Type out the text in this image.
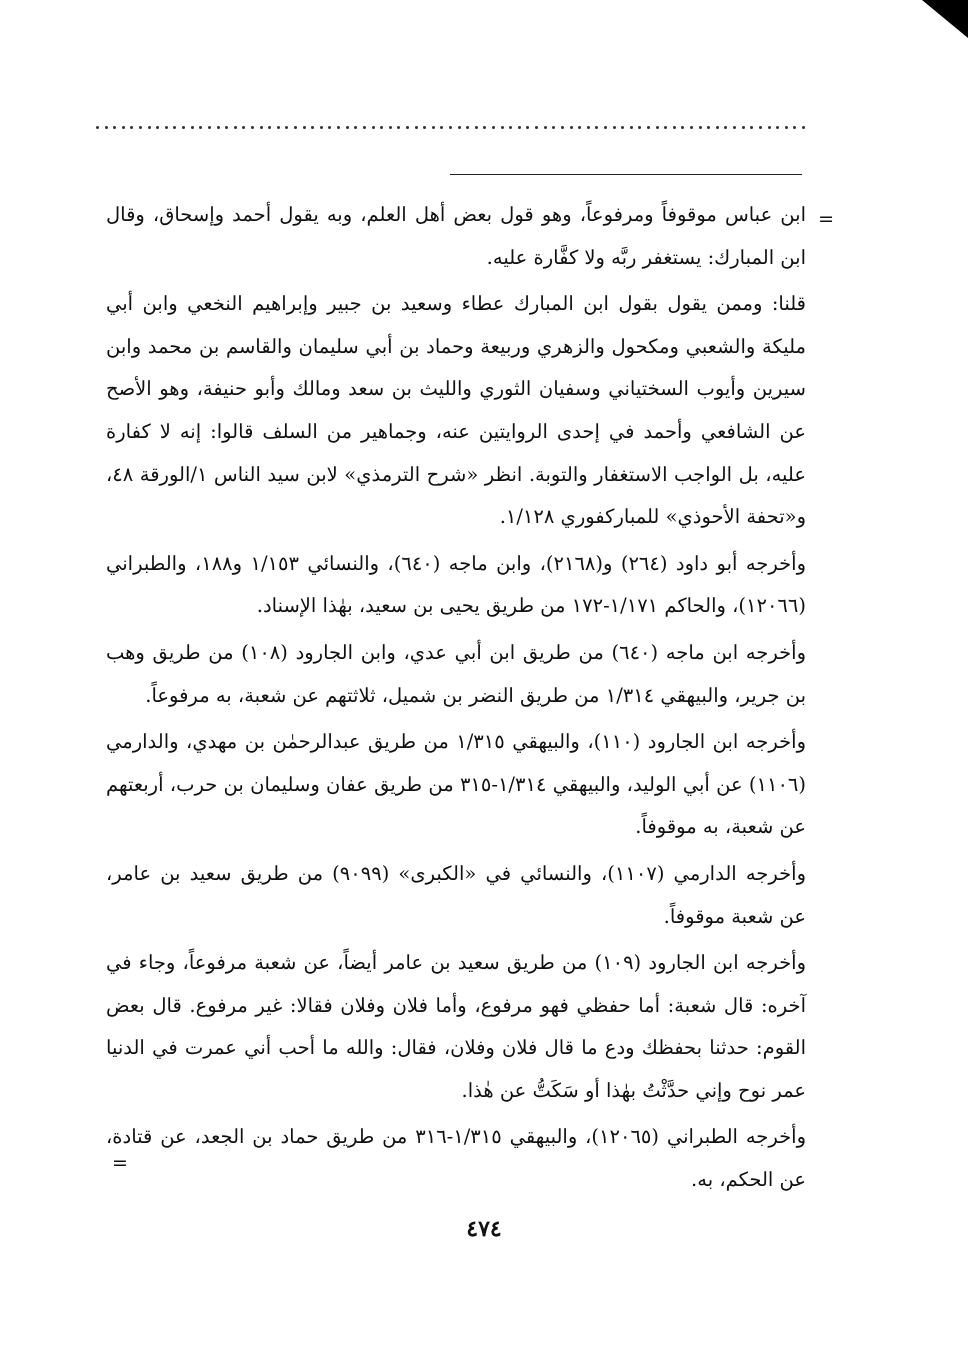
=

ابن عباس موقوفاً ومرفوعاً، وهو قول بعض أهل العلم، وبه يقول أحمد وإسحاق، وقال ابن المبارك: يستغفر ربَّه ولا كفَّارة عليه.

قلنا: وممن يقول بقول ابن المبارك عطاء وسعيد بن جبير وإبراهيم النخعي وابن أبي مليكة والشعبي ومكحول والزهري وربيعة وحماد بن أبي سليمان والقاسم بن محمد وابن سيرين وأيوب السختياني وسفيان الثوري والليث بن سعد ومالك وأبو حنيفة، وهو الأصح عن الشافعي وأحمد في إحدى الروايتين عنه، وجماهير من السلف قالوا: إنه لا كفارة عليه، بل الواجب الاستغفار والتوبة. انظر «شرح الترمذي» لابن سيد الناس ١/الورقة ٤٨، و«تحفة الأحوذي» للمباركفوري ١/١٢٨.

وأخرجه أبو داود (٢٦٤) و(٢١٦٨)، وابن ماجه (٦٤٠)، والنسائي ١/١٥٣ و١٨٨، والطبراني (١٢٠٦٦)، والحاكم ١/١٧١-١٧٢ من طريق يحيى بن سعيد، بهٰذا الإسناد.

وأخرجه ابن ماجه (٦٤٠) من طريق ابن أبي عدي، وابن الجارود (١٠٨) من طريق وهب بن جرير، والبيهقي ١/٣١٤ من طريق النضر بن شميل، ثلاثتهم عن شعبة، به مرفوعاً.

وأخرجه ابن الجارود (١١٠)، والبيهقي ١/٣١٥ من طريق عبدالرحمٰن بن مهدي، والدارمي (١١٠٦) عن أبي الوليد، والبيهقي ١/٣١٤-٣١٥ من طريق عفان وسليمان بن حرب، أربعتهم عن شعبة، به موقوفاً.

وأخرجه الدارمي (١١٠٧)، والنسائي في «الكبرى» (٩٠٩٩) من طريق سعيد بن عامر، عن شعبة موقوفاً.

وأخرجه ابن الجارود (١٠٩) من طريق سعيد بن عامر أيضاً، عن شعبة مرفوعاً، وجاء في آخره: قال شعبة: أما حفظي فهو مرفوع، وأما فلان وفلان فقالا: غير مرفوع. قال بعض القوم: حدثنا بحفظك ودع ما قال فلان وفلان، فقال: والله ما أحب أني عمرت في الدنيا عمر نوح وإني حدَّثْتُ بهٰذا أو سَكَتُّ عن هٰذا.

وأخرجه الطبراني (١٢٠٦٥)، والبيهقي ١/٣١٥-٣١٦ من طريق حماد بن الجعد، عن قتادة، عن الحكم، به.

=
٤٧٤
